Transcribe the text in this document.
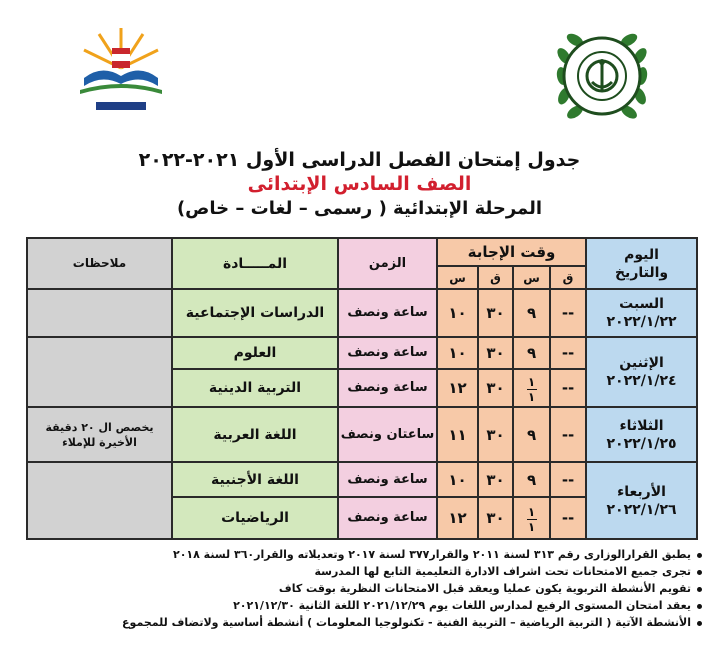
جدول إمتحان الفصل الدراسى الأول ٢٠٢١-٢٠٢٢
الصف السادس الإبتدائى
المرحلة الإبتدائية ( رسمى – لغات – خاص)
اليوم
والتاريخ	وقت الإجابة				الزمن	المـــــادة	ملاحظات
	ق	س	ق	س			

السبت
٢٠٢٢/١/٢٢	--	٩	٣٠	١٠	ساعة ونصف	الدراسات الإجتماعية	

الإثنين
٢٠٢٢/١/٢٤	--	٩	٣٠	١٠	ساعة ونصف	العلوم	
	--	$\frac{١}{١}$	٣٠	١٢	ساعة ونصف	التربية الدينية	

الثلاثاء
٢٠٢٢/١/٢٥	--	٩	٣٠	١١	ساعتان ونصف	اللغة العربية	يخصص ال ٢٠ دقيقة الأخيرة للإملاء

الأربعاء
٢٠٢٢/١/٢٦	--	٩	٣٠	١٠	ساعة ونصف	اللغة الأجنبية	
	--	$\frac{١}{١}$	٣٠	١٢	ساعة ونصف	الرياضيات	
يطبق القرارالوزارى رقم ٣١٣ لسنة ٢٠١١ والقرار٣٧٧ لسنة ٢٠١٧ وتعديلاته والقرار٣٦٠ لسنة ٢٠١٨
تجرى جميع الامتحانات تحت اشراف الادارة التعليمية التابع لها المدرسة
تقويم الأنشطة التربوية يكون عمليا ويعقد قبل الامتحانات النظرية بوقت كاف
يعقد امتحان المستوى الرفيع لمدارس اللغات يوم ٢٠٢١/١٢/٢٩ اللغة الثانية ٢٠٢١/١٢/٣٠
الأنشطة الآتية ( التربية الرياضية – التربية الفنية - تكنولوجيا المعلومات ) أنشطة أساسية ولاتضاف للمجموع
